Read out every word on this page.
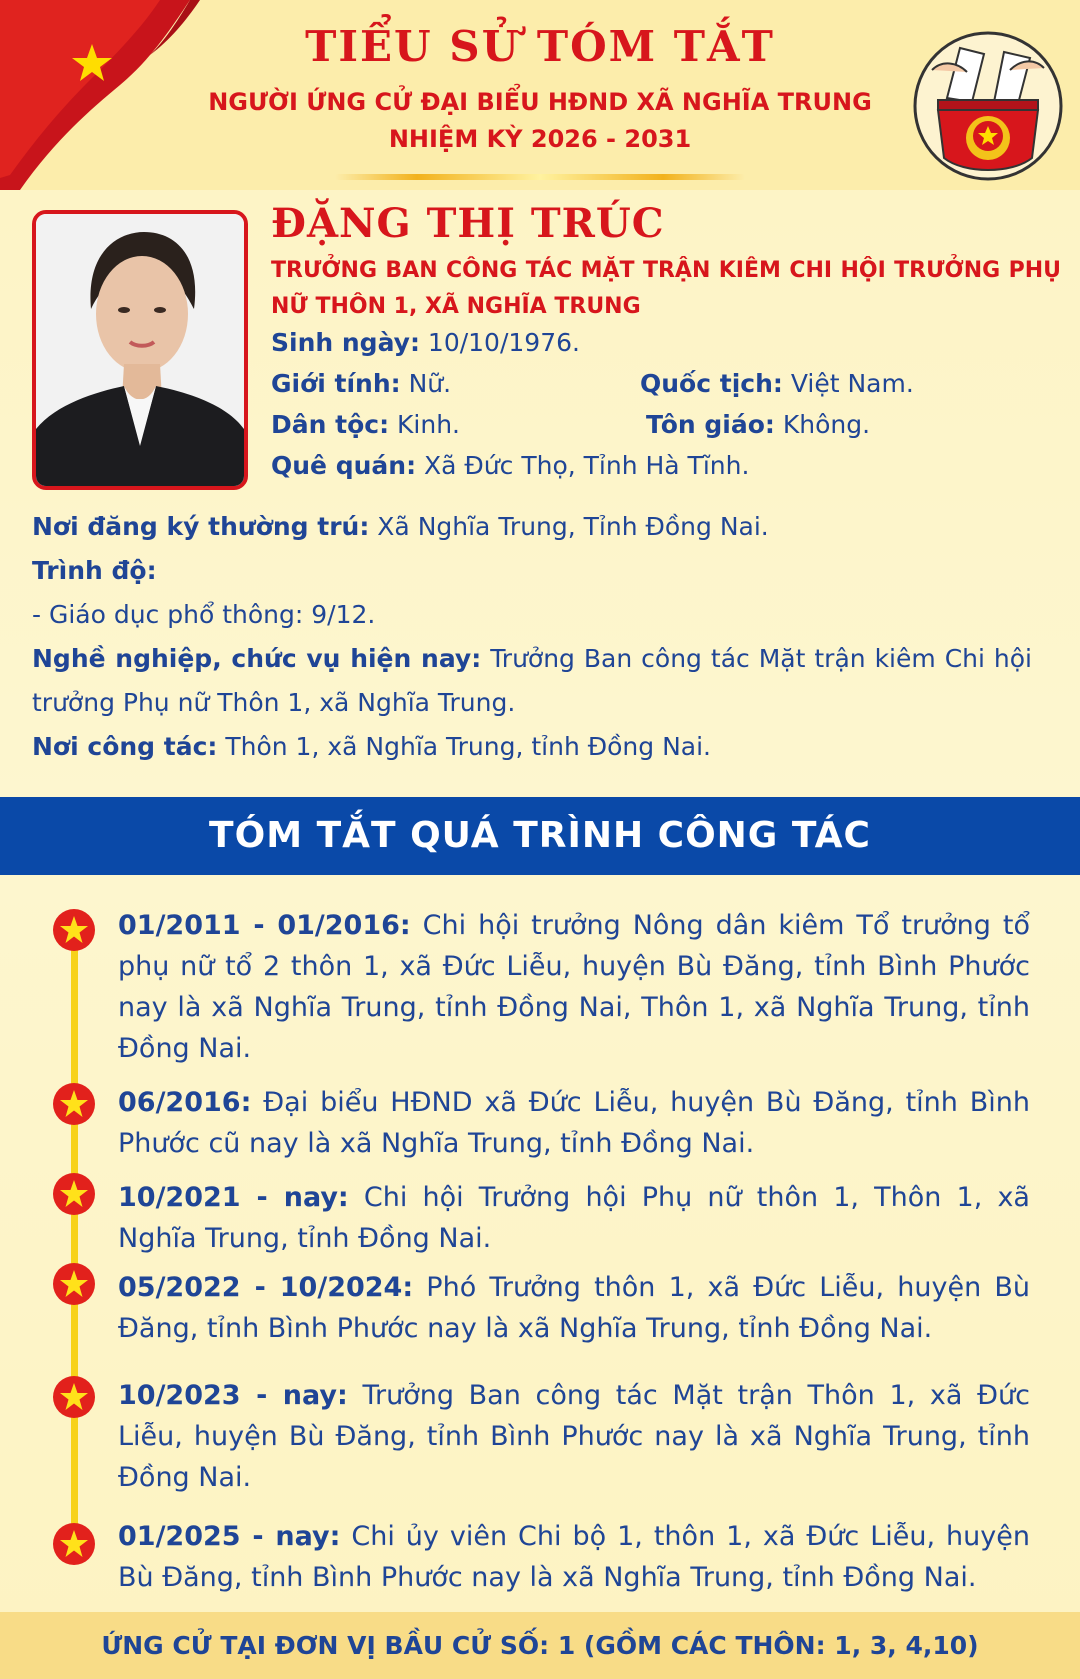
TIỂU SỬ TÓM TẮT
NGƯỜI ỨNG CỬ ĐẠI BIỂU HĐND XÃ NGHĨA TRUNG
NHIỆM KỲ 2026 - 2031
ĐẶNG THỊ TRÚC
TRƯỞNG BAN CÔNG TÁC MẶT TRẬN KIÊM CHI HỘI TRƯỞNG PHỤ NỮ THÔN 1, XÃ NGHĨA TRUNG
Sinh ngày: 10/10/1976.
Giới tính: Nữ.	Quốc tịch: Việt Nam.
Dân tộc: Kinh.	Tôn giáo: Không.
Quê quán: Xã Đức Thọ, Tỉnh Hà Tĩnh.
Nơi đăng ký thường trú: Xã Nghĩa Trung, Tỉnh Đồng Nai.
Trình độ:
- Giáo dục phổ thông: 9/12.
Nghề nghiệp, chức vụ hiện nay: Trưởng Ban công tác Mặt trận kiêm Chi hội trưởng Phụ nữ Thôn 1, xã Nghĩa Trung.
Nơi công tác: Thôn 1, xã Nghĩa Trung, tỉnh Đồng Nai.
TÓM TẮT QUÁ TRÌNH CÔNG TÁC
01/2011 - 01/2016: Chi hội trưởng Nông dân kiêm Tổ trưởng tổ phụ nữ tổ 2 thôn 1, xã Đức Liễu, huyện Bù Đăng, tỉnh Bình Phước nay là xã Nghĩa Trung, tỉnh Đồng Nai, Thôn 1, xã Nghĩa Trung, tỉnh Đồng Nai.
06/2016: Đại biểu HĐND xã Đức Liễu, huyện Bù Đăng, tỉnh Bình Phước cũ nay là xã Nghĩa Trung, tỉnh Đồng Nai.
10/2021 - nay: Chi hội Trưởng hội Phụ nữ thôn 1, Thôn 1, xã Nghĩa Trung, tỉnh Đồng Nai.
05/2022 - 10/2024: Phó Trưởng thôn 1, xã Đức Liễu, huyện Bù Đăng, tỉnh Bình Phước nay là xã Nghĩa Trung, tỉnh Đồng Nai.
10/2023 - nay: Trưởng Ban công tác Mặt trận Thôn 1, xã Đức Liễu, huyện Bù Đăng, tỉnh Bình Phước nay là xã Nghĩa Trung, tỉnh Đồng Nai.
01/2025 - nay: Chi ủy viên Chi bộ 1, thôn 1, xã Đức Liễu, huyện Bù Đăng, tỉnh Bình Phước nay là xã Nghĩa Trung, tỉnh Đồng Nai.
ỨNG CỬ TẠI ĐƠN VỊ BẦU CỬ SỐ: 1 (GỒM CÁC THÔN: 1, 3, 4,10)
